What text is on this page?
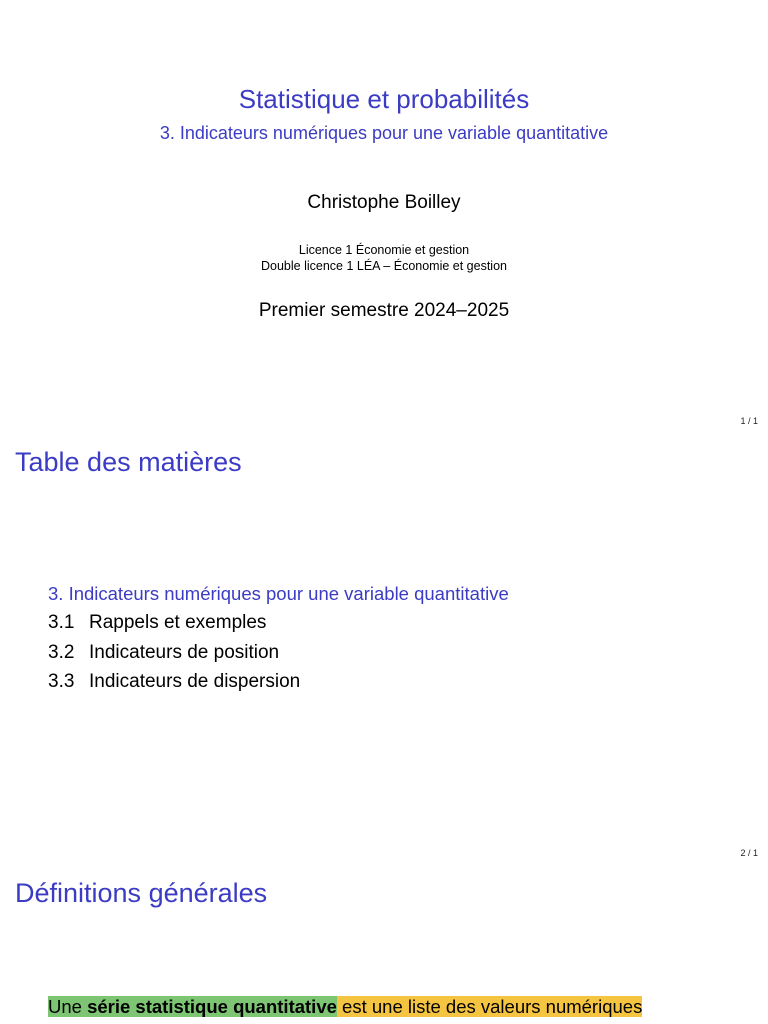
Statistique et probabilités
3. Indicateurs numériques pour une variable quantitative
Christophe Boilley
Licence 1 Économie et gestion
Double licence 1 LÉA – Économie et gestion
Premier semestre 2024–2025
1 / 1
Table des matières
3. Indicateurs numériques pour une variable quantitative
3.1 Rappels et exemples
3.2 Indicateurs de position
3.3 Indicateurs de dispersion
2 / 1
Définitions générales
Une série statistique quantitative est une liste des valeurs numériques
